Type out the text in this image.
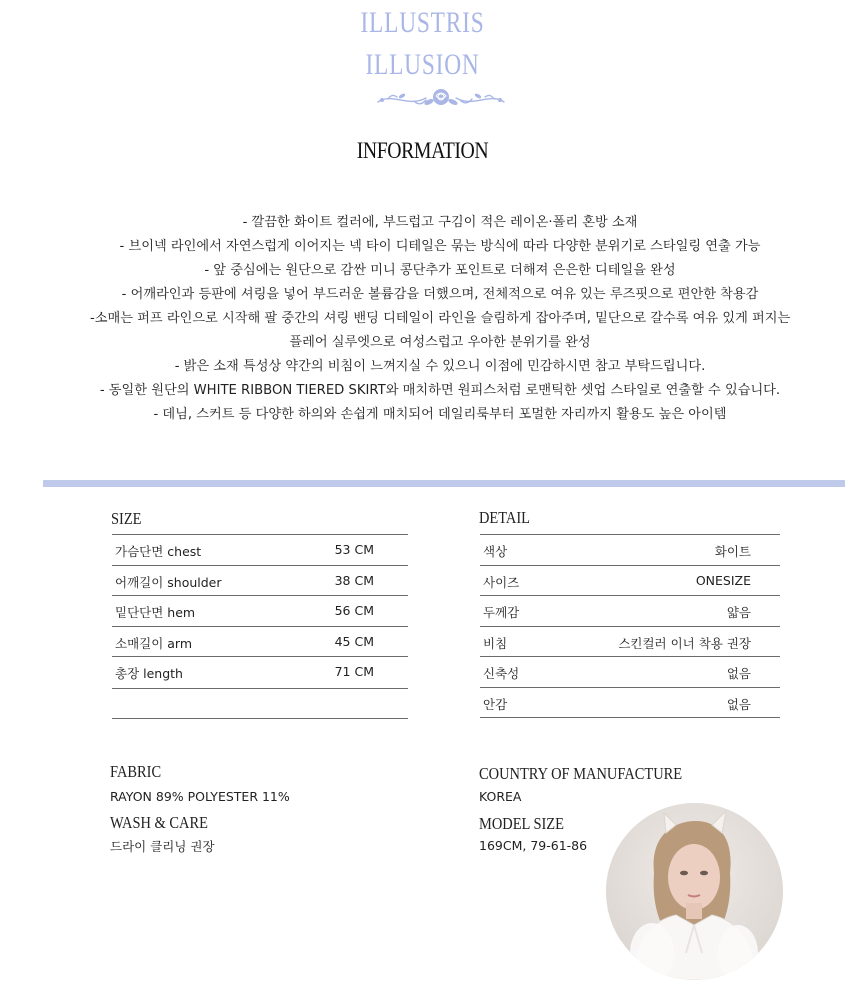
ILLUSTRIS
ILLUSION
INFORMATION

- 깔끔한 화이트 컬러에, 부드럽고 구김이 적은 레이온·폴리 혼방 소재

- 브이넥 라인에서 자연스럽게 이어지는 넥 타이 디테일은 묶는 방식에 따라 다양한 분위기로 스타일링 연출 가능

- 앞 중심에는 원단으로 감싼 미니 콩단추가 포인트로 더해져 은은한 디테일을 완성

- 어깨라인과 등판에 셔링을 넣어 부드러운 볼륨감을 더했으며, 전체적으로 여유 있는 루즈핏으로 편안한 착용감

-소매는 퍼프 라인으로 시작해 팔 중간의 셔링 밴딩 디테일이 라인을 슬림하게 잡아주며, 밑단으로 갈수록 여유 있게 퍼지는

플레어 실루엣으로 여성스럽고 우아한 분위기를 완성

- 밝은 소재 특성상 약간의 비침이 느껴지실 수 있으니 이점에 민감하시면 참고 부탁드립니다.

- 동일한 원단의 WHITE RIBBON TIERED SKIRT와 매치하면 원피스처럼 로맨틱한 셋업 스타일로 연출할 수 있습니다.

- 데님, 스커트 등 다양한 하의와 손쉽게 매치되어 데일리룩부터 포멀한 자리까지 활용도 높은 아이템

SIZE
가슴단면 chest	53 CM
어깨길이 shoulder	38 CM
밑단단면 hem	56 CM
소매길이 arm	45 CM
총장 length	71 CM
DETAIL
색상	화이트
사이즈	ONESIZE
두께감	얇음
비침	스킨컬러 이너 착용 권장
신축성	없음
안감	없음
FABRIC
RAYON 89% POLYESTER 11%
WASH & CARE
드라이 클리닝 권장
COUNTRY OF MANUFACTURE
KOREA
MODEL SIZE
169CM, 79-61-86
